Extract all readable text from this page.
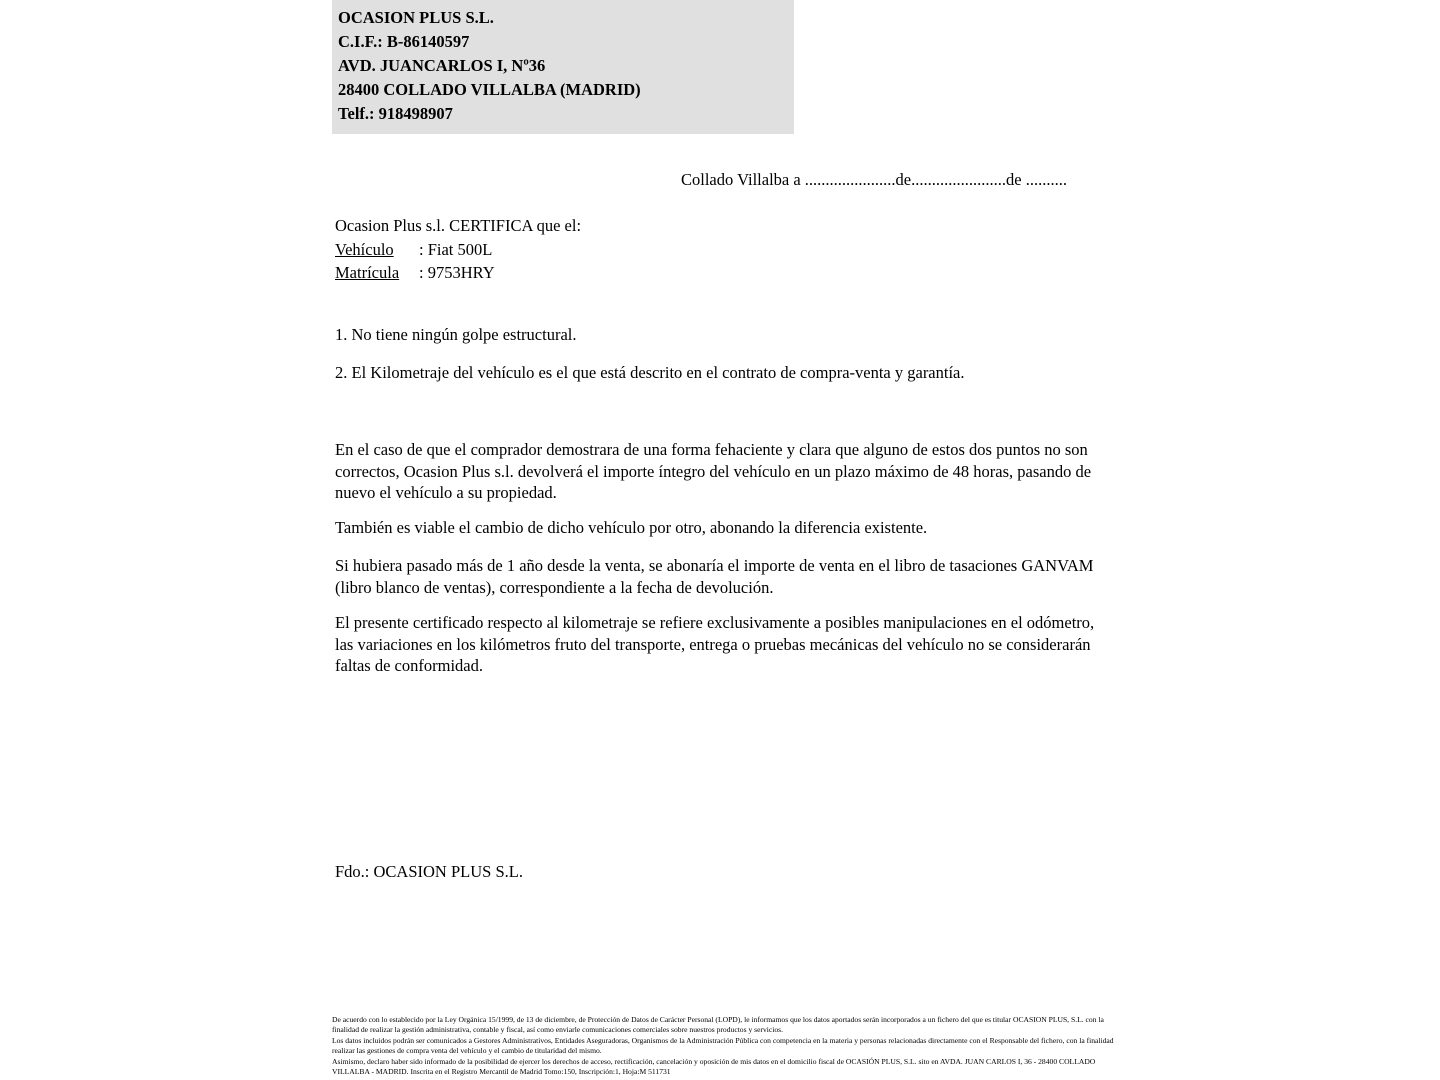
OCASION PLUS S.L.
C.I.F.: B-86140597
AVD. JUANCARLOS I, Nº36
28400 COLLADO VILLALBA (MADRID)
Telf.: 918498907
Collado Villalba a ......................de.......................de ..........
Ocasion Plus s.l. CERTIFICA que el:
Vehículo : Fiat 500L
Matrícula : 9753HRY
1. No tiene ningún golpe estructural.
2. El Kilometraje del vehículo es el que está descrito en el contrato de compra-venta y garantía.
En el caso de que el comprador demostrara de una forma fehaciente y clara que alguno de estos dos puntos no son correctos, Ocasion Plus s.l. devolverá el importe íntegro del vehículo en un plazo máximo de 48 horas, pasando de nuevo el vehículo a su propiedad.
También es viable el cambio de dicho vehículo por otro, abonando la diferencia existente.
Si hubiera pasado más de 1 año desde la venta, se abonaría el importe de venta en el libro de tasaciones GANVAM (libro blanco de ventas), correspondiente a la fecha de devolución.
El presente certificado respecto al kilometraje se refiere exclusivamente a posibles manipulaciones en el odómetro, las variaciones en los kilómetros fruto del transporte, entrega o pruebas mecánicas del vehículo no se considerarán faltas de conformidad.
Fdo.: OCASION PLUS S.L.

De acuerdo con lo establecido por la Ley Orgánica 15/1999, de 13 de diciembre, de Protección de Datos de Carácter Personal (LOPD), le informamos que los datos aportados serán incorporados a un fichero del que es titular OCASION PLUS, S.L. con la finalidad de realizar la gestión administrativa, contable y fiscal, así como enviarle comunicaciones comerciales sobre nuestros productos y servicios.

Los datos incluidos podrán ser comunicados a Gestores Administrativos, Entidades Aseguradoras, Organismos de la Administración Pública con competencia en la materia y personas relacionadas directamente con el Responsable del fichero, con la finalidad realizar las gestiones de compra venta del vehículo y el cambio de titularidad del mismo.

Asimismo, declaro haber sido informado de la posibilidad de ejercer los derechos de acceso, rectificación, cancelación y oposición de mis datos en el domicilio fiscal de OCASIÓN PLUS, S.L. sito en AVDA. JUAN CARLOS I, 36 - 28400 COLLADO VILLALBA - MADRID. Inscrita en el Registro Mercantil de Madrid Tomo:150, Inscripción:1, Hoja:M 511731
